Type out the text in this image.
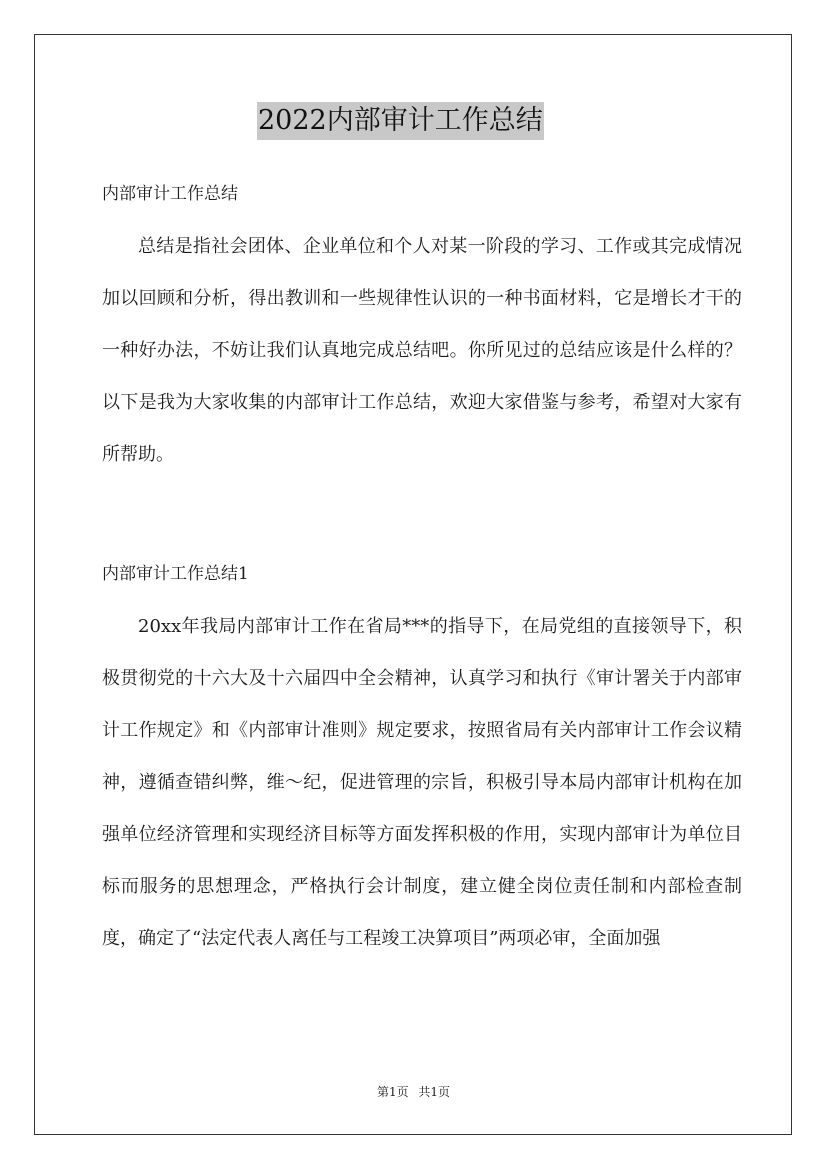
2022内部审计工作总结
内部审计工作总结
总结是指社会团体、企业单位和个人对某一阶段的学习、工作或其完成情况加以回顾和分析，得出教训和一些规律性认识的一种书面材料，它是增长才干的一种好办法，不妨让我们认真地完成总结吧。你所见过的总结应该是什么样的？以下是我为大家收集的内部审计工作总结，欢迎大家借鉴与参考，希望对大家有所帮助。
内部审计工作总结1
20xx年我局内部审计工作在省局***的指导下，在局党组的直接领导下，积极贯彻党的十六大及十六届四中全会精神，认真学习和执行《审计署关于内部审计工作规定》和《内部审计准则》规定要求，按照省局有关内部审计工作会议精神，遵循查错纠弊，维～纪，促进管理的宗旨，积极引导本局内部审计机构在加强单位经济管理和实现经济目标等方面发挥积极的作用，实现内部审计为单位目标而服务的思想理念，严格执行会计制度，建立健全岗位责任制和内部检查制度，确定了“法定代表人离任与工程竣工决算项目”两项必审，全面加强
第1页 共1页
